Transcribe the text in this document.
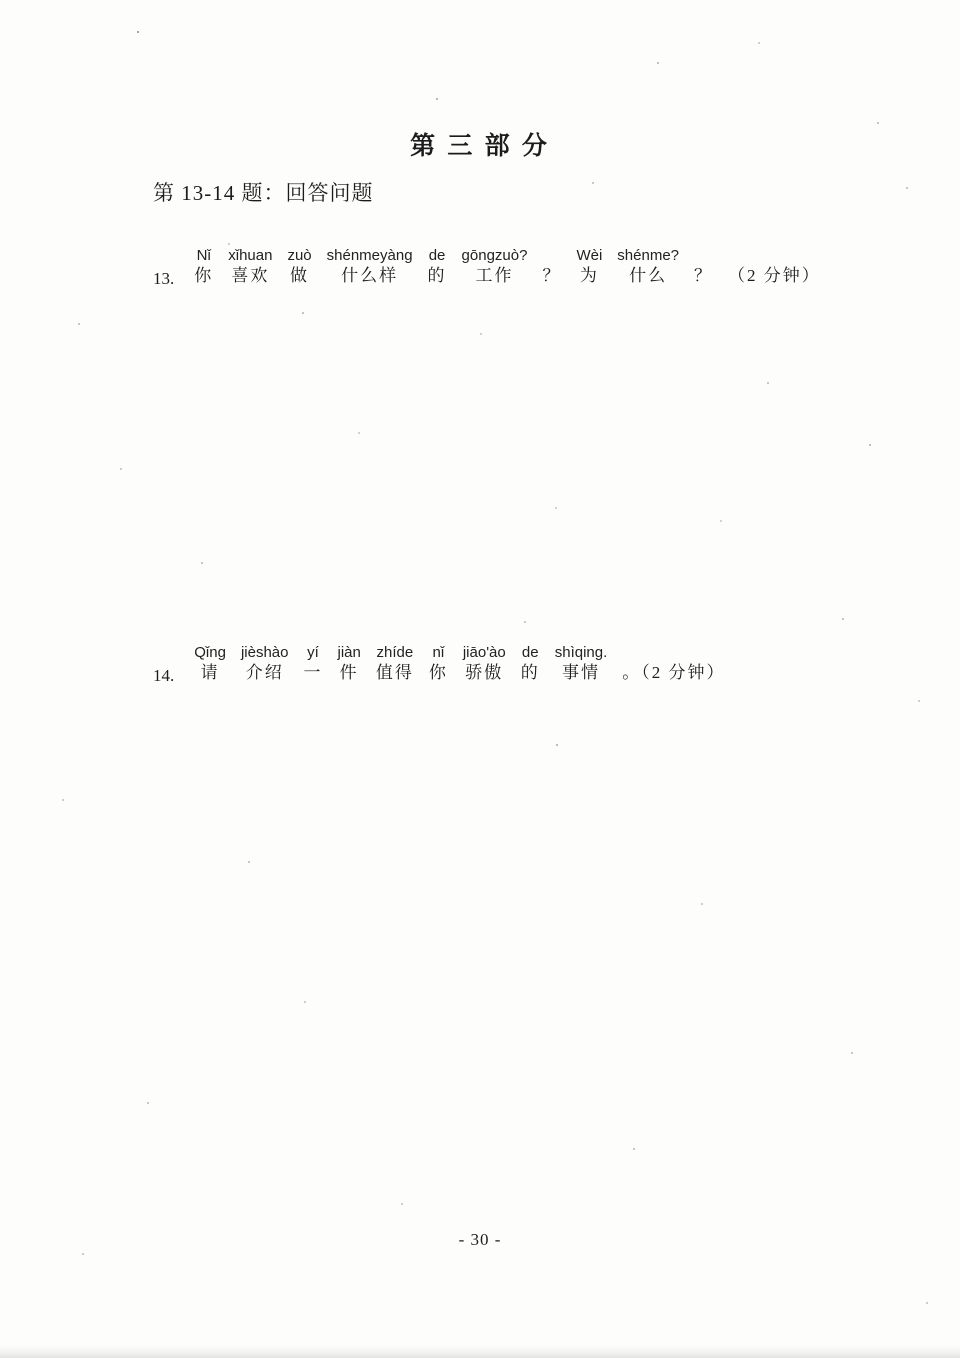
第 三 部 分
第 13-14 题：回答问题
13.
Nǐ
你
xǐhuan
喜欢
zuò
做
shénmeyàng
什么样
de
的
gōngzuò?
工作 ？
Wèi
为
shénme?
什么 ？ （2 分钟）
14.
Qǐng
请
jièshào
介绍
yí
一
jiàn
件
zhíde
值得
nǐ
你
jiāo'ào
骄傲
de
的
shìqing.
事情 。（2 分钟）
- 30 -
